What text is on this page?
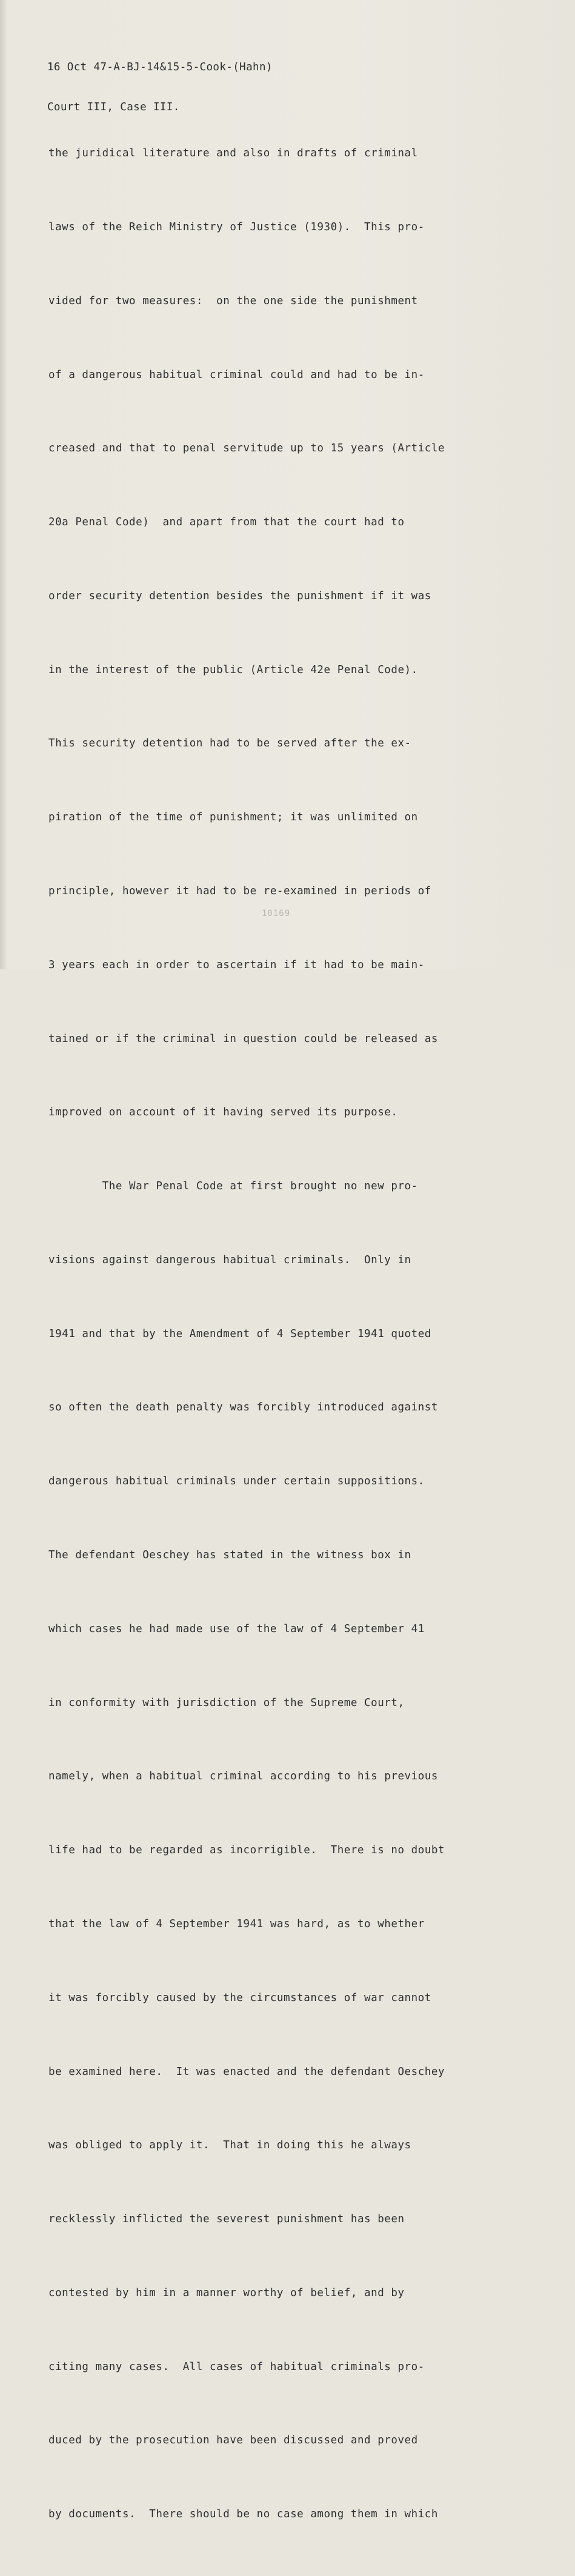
16 Oct 47-A-BJ-14&15-5-Cook-(Hahn)

Court III, Case III.

the juridical literature and also in drafts of criminal

laws of the Reich Ministry of Justice (1930).  This pro-

vided for two measures:  on the one side the punishment

of a dangerous habitual criminal could and had to be in-

creased and that to penal servitude up to 15 years (Article

20a Penal Code)  and apart from that the court had to

order security detention besides the punishment if it was

in the interest of the public (Article 42e Penal Code).

This security detention had to be served after the ex-

piration of the time of punishment; it was unlimited on

principle, however it had to be re-examined in periods of

3 years each in order to ascertain if it had to be main-

tained or if the criminal in question could be released as

improved on account of it having served its purpose.

The War Penal Code at first brought no new pro-

visions against dangerous habitual criminals.  Only in

1941 and that by the Amendment of 4 September 1941 quoted

so often the death penalty was forcibly introduced against

dangerous habitual criminals under certain suppositions.

The defendant Oeschey has stated in the witness box in

which cases he had made use of the law of 4 September 41

in conformity with jurisdiction of the Supreme Court,

namely, when a habitual criminal according to his previous

life had to be regarded as incorrigible.  There is no doubt

that the law of 4 September 1941 was hard, as to whether

it was forcibly caused by the circumstances of war cannot

be examined here.  It was enacted and the defendant Oeschey

was obliged to apply it.  That in doing this he always

recklessly inflicted the severest punishment has been

contested by him in a manner worthy of belief, and by

citing many cases.  All cases of habitual criminals pro-

duced by the prosecution have been discussed and proved

by documents.  There should be no case among them in which

10169
